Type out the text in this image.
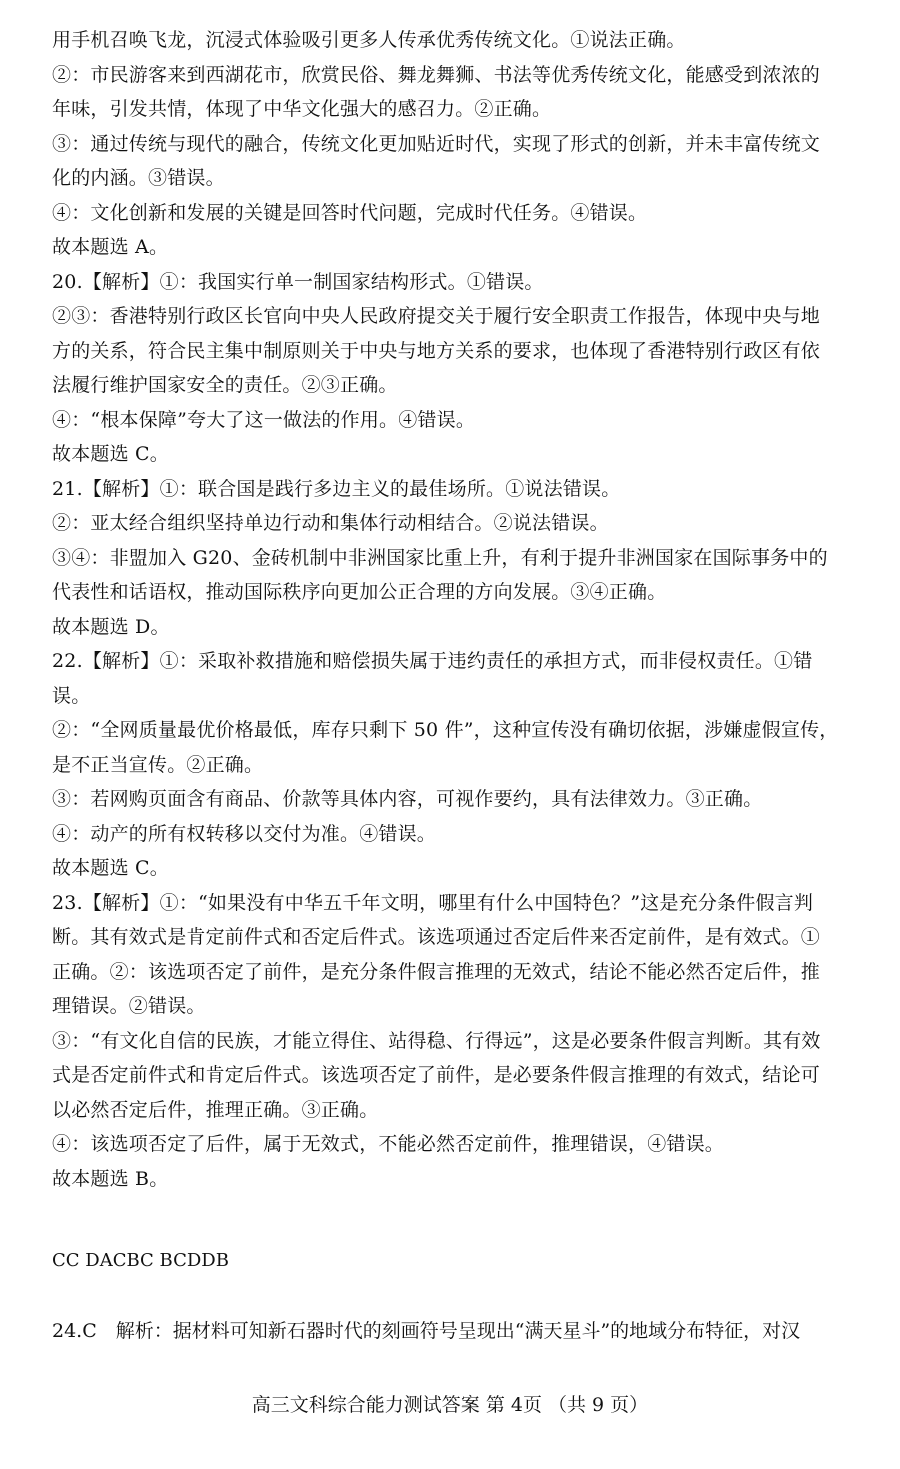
用手机召唤飞龙，沉浸式体验吸引更多人传承优秀传统文化。①说法正确。
②：市民游客来到西湖花市，欣赏民俗、舞龙舞狮、书法等优秀传统文化，能感受到浓浓的
年味，引发共情，体现了中华文化强大的感召力。②正确。
③：通过传统与现代的融合，传统文化更加贴近时代，实现了形式的创新，并未丰富传统文
化的内涵。③错误。
④：文化创新和发展的关键是回答时代问题，完成时代任务。④错误。
故本题选 A。
20.【解析】①：我国实行单一制国家结构形式。①错误。
②③：香港特别行政区长官向中央人民政府提交关于履行安全职责工作报告，体现中央与地
方的关系，符合民主集中制原则关于中央与地方关系的要求，也体现了香港特别行政区有依
法履行维护国家安全的责任。②③正确。
④：“根本保障”夸大了这一做法的作用。④错误。
故本题选 C。
21.【解析】①：联合国是践行多边主义的最佳场所。①说法错误。
②：亚太经合组织坚持单边行动和集体行动相结合。②说法错误。
③④：非盟加入 G20、金砖机制中非洲国家比重上升，有利于提升非洲国家在国际事务中的
代表性和话语权，推动国际秩序向更加公正合理的方向发展。③④正确。
故本题选 D。
22.【解析】①：采取补救措施和赔偿损失属于违约责任的承担方式，而非侵权责任。①错
误。
②：“全网质量最优价格最低，库存只剩下 50 件”，这种宣传没有确切依据，涉嫌虚假宣传，
是不正当宣传。②正确。
③：若网购页面含有商品、价款等具体内容，可视作要约，具有法律效力。③正确。
④：动产的所有权转移以交付为准。④错误。
故本题选 C。
23.【解析】①：“如果没有中华五千年文明，哪里有什么中国特色？”这是充分条件假言判
断。其有效式是肯定前件式和否定后件式。该选项通过否定后件来否定前件，是有效式。①
正确。②：该选项否定了前件，是充分条件假言推理的无效式，结论不能必然否定后件，推
理错误。②错误。
③：“有文化自信的民族，才能立得住、站得稳、行得远”，这是必要条件假言判断。其有效
式是否定前件式和肯定后件式。该选项否定了前件，是必要条件假言推理的有效式，结论可
以必然否定后件，推理正确。③正确。
④：该选项否定了后件，属于无效式，不能必然否定前件，推理错误，④错误。
故本题选 B。
CC DACBC BCDDB
24.C　解析：据材料可知新石器时代的刻画符号呈现出“满天星斗”的地域分布特征，对汉
高三文科综合能力测试答案 第 4页 （共 9 页）
